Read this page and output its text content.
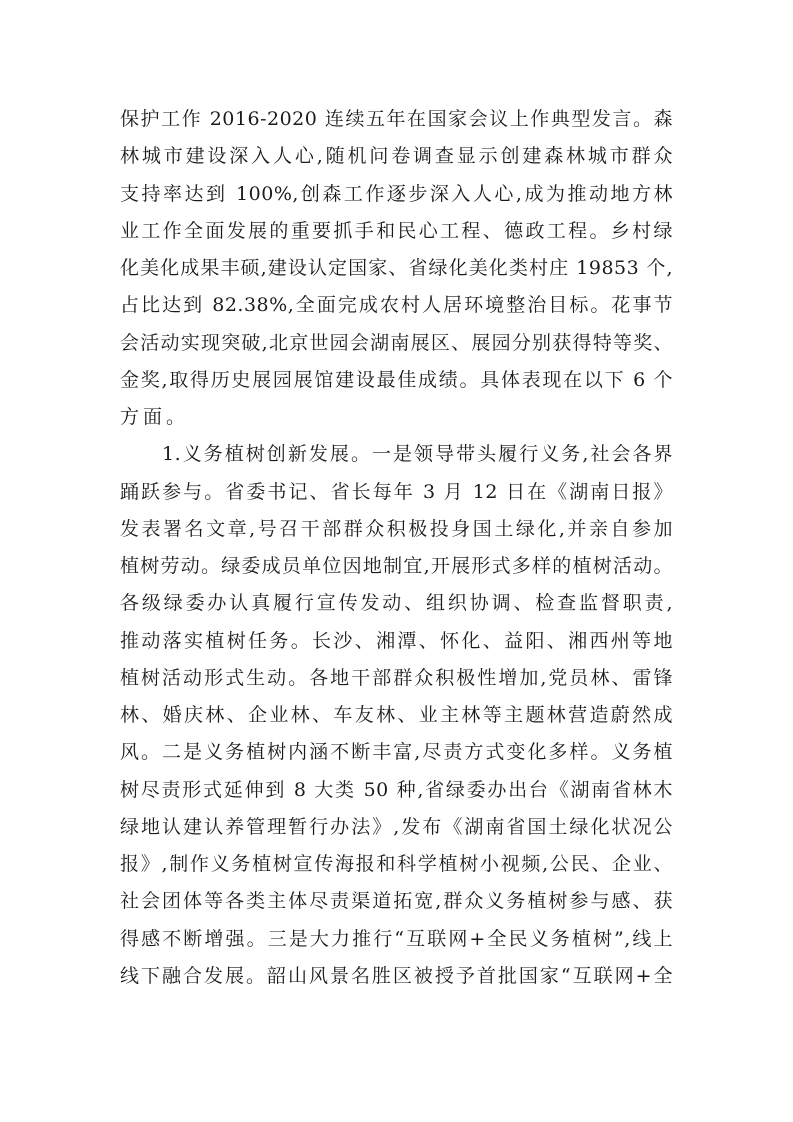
保护工作 2016-2020 连续五年在国家会议上作典型发言。森
林城市建设深入人心,随机问卷调查显示创建森林城市群众
支持率达到 100%,创森工作逐步深入人心,成为推动地方林
业工作全面发展的重要抓手和民心工程、德政工程。乡村绿
化美化成果丰硕,建设认定国家、省绿化美化类村庄 19853 个,
占比达到 82.38%,全面完成农村人居环境整治目标。花事节
会活动实现突破,北京世园会湖南展区、展园分别获得特等奖、
金奖,取得历史展园展馆建设最佳成绩。具体表现在以下 6 个
方面。
1.义务植树创新发展。一是领导带头履行义务,社会各界
踊跃参与。省委书记、省长每年 3 月 12 日在《湖南日报》
发表署名文章,号召干部群众积极投身国土绿化,并亲自参加
植树劳动。绿委成员单位因地制宜,开展形式多样的植树活动。
各级绿委办认真履行宣传发动、组织协调、检查监督职责,
推动落实植树任务。长沙、湘潭、怀化、益阳、湘西州等地
植树活动形式生动。各地干部群众积极性增加,党员林、雷锋
林、婚庆林、企业林、车友林、业主林等主题林营造蔚然成
风。二是义务植树内涵不断丰富,尽责方式变化多样。义务植
树尽责形式延伸到 8 大类 50 种,省绿委办出台《湖南省林木
绿地认建认养管理暂行办法》,发布《湖南省国土绿化状况公
报》,制作义务植树宣传海报和科学植树小视频,公民、企业、
社会团体等各类主体尽责渠道拓宽,群众义务植树参与感、获
得感不断增强。三是大力推行“互联网+全民义务植树”,线上
线下融合发展。韶山风景名胜区被授予首批国家“互联网+全
